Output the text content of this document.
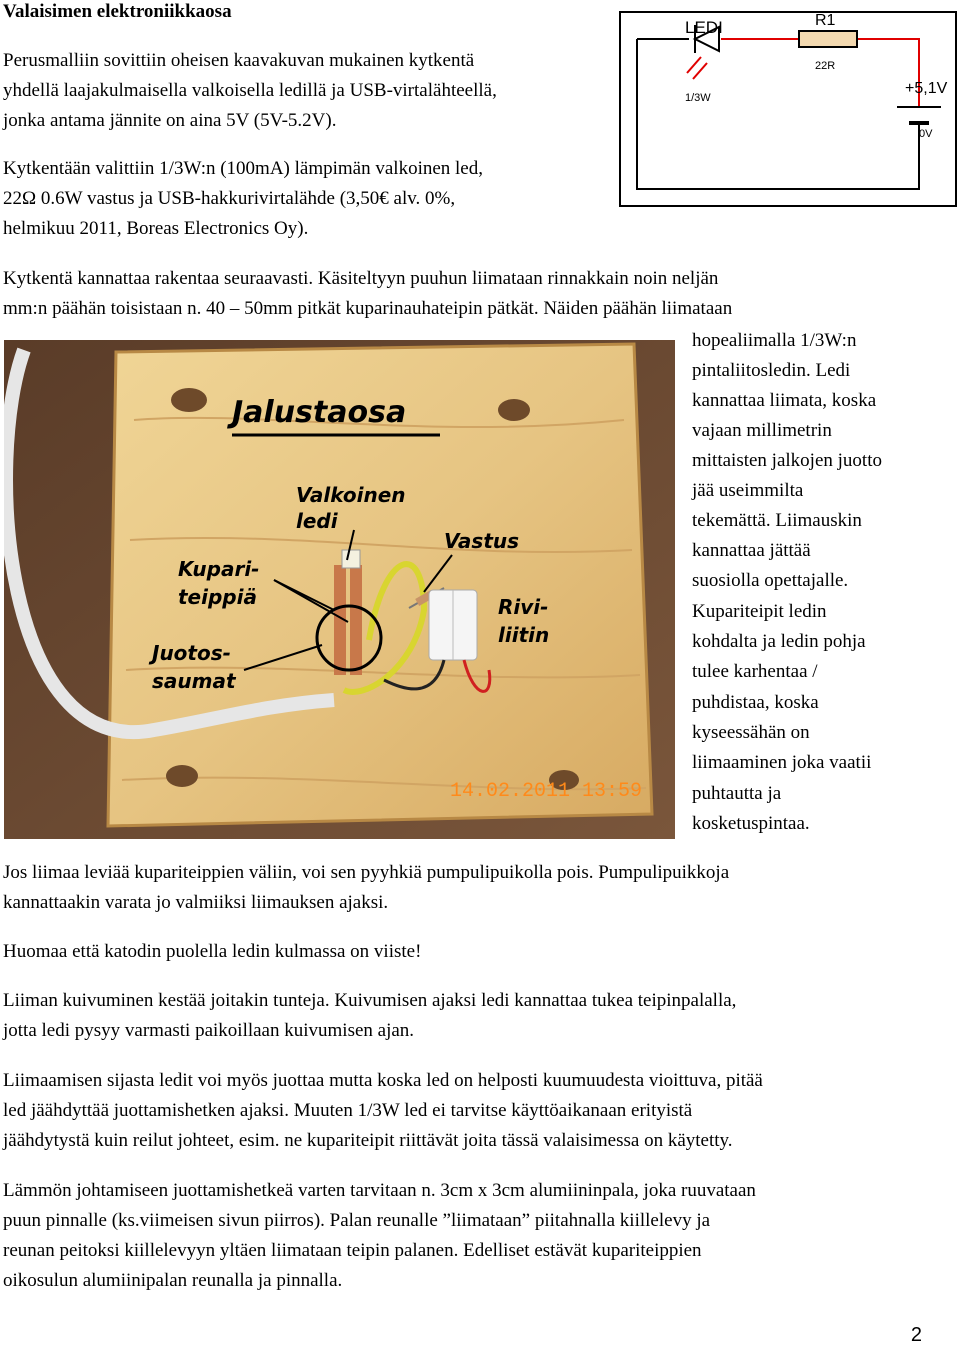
Valaisimen elektroniikkaosa
Perusmalliin sovittiin oheisen kaavakuvan mukainen kytkentä
yhdellä laajakulmaisella valkoisella ledillä ja USB-virtalähteellä,
jonka antama jännite on aina 5V (5V-5.2V).
Kytkentään valittiin 1/3W:n (100mA) lämpimän valkoinen led,
22Ω 0.6W vastus ja USB-hakkurivirtalähde (3,50€ alv. 0%,
helmikuu 2011, Boreas Electronics Oy).
Kytkentä kannattaa rakentaa seuraavasti. Käsiteltyyn puuhun liimataan rinnakkain noin neljän
mm:n päähän toisistaan n. 40 – 50mm pitkät kuparinauhateipin pätkät. Näiden päähän liimataan
LEDI
1/3W
R1
22R
+5,1V
0V
Jalustaosa
Valkoinen
ledi
Vastus
Kupari-
teippiä	Rivi-
liitin
Juotos-
saumat
14.02.2011 13:59
hopealiimalla 1/3W:n
pintaliitosledin. Ledi
kannattaa liimata, koska
vajaan millimetrin
mittaisten jalkojen juotto
jää useimmilta
tekemättä. Liimauskin
kannattaa jättää
suosiolla opettajalle.
Kupariteipit ledin
kohdalta ja ledin pohja
tulee karhentaa /
puhdistaa, koska
kyseessähän on
liimaaminen joka vaatii
puhtautta ja
kosketuspintaa.
Jos liimaa leviää kupariteippien väliin, voi sen pyyhkiä pumpulipuikolla pois. Pumpulipuikkoja
kannattaakin varata jo valmiiksi liimauksen ajaksi.
Huomaa että katodin puolella ledin kulmassa on viiste!
Liiman kuivuminen kestää joitakin tunteja. Kuivumisen ajaksi ledi kannattaa tukea teipinpalalla,
jotta ledi pysyy varmasti paikoillaan kuivumisen ajan.
Liimaamisen sijasta ledit voi myös juottaa mutta koska led on helposti kuumuudesta vioittuva, pitää
led jäähdyttää juottamishetken ajaksi. Muuten 1/3W led ei tarvitse käyttöaikanaan erityistä
jäähdytystä kuin reilut johteet, esim. ne kupariteipit riittävät joita tässä valaisimessa on käytetty.
Lämmön johtamiseen juottamishetkeä varten tarvitaan n. 3cm x 3cm alumiininpala, joka ruuvataan
puun pinnalle (ks.viimeisen sivun piirros). Palan reunalle ”liimataan” piitahnalla kiillelevy ja
reunan peitoksi kiillelevyyn yltäen liimataan teipin palanen. Edelliset estävät kupariteippien
oikosulun alumiinipalan reunalla ja pinnalla.
2
